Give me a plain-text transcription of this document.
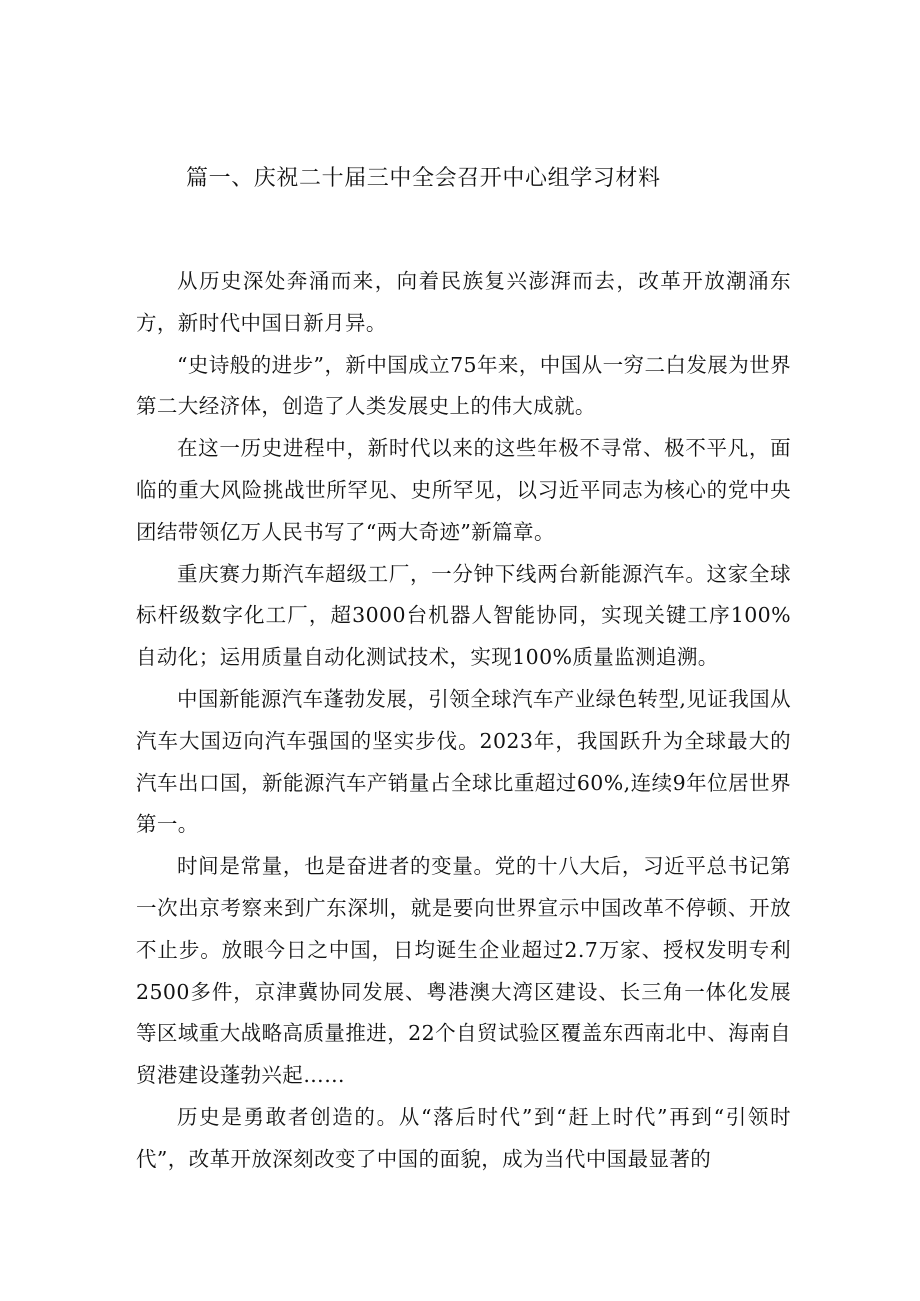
篇一、庆祝二十届三中全会召开中心组学习材料

从历史深处奔涌而来，向着民族复兴澎湃而去，改革开放潮涌东方，新时代中国日新月异。

“史诗般的进步”，新中国成立75年来，中国从一穷二白发展为世界第二大经济体，创造了人类发展史上的伟大成就。

在这一历史进程中，新时代以来的这些年极不寻常、极不平凡，面临的重大风险挑战世所罕见、史所罕见，以习近平同志为核心的党中央团结带领亿万人民书写了“两大奇迹”新篇章。

重庆赛力斯汽车超级工厂，一分钟下线两台新能源汽车。这家全球标杆级数字化工厂，超3000台机器人智能协同，实现关键工序100%自动化；运用质量自动化测试技术，实现100%质量监测追溯。

中国新能源汽车蓬勃发展，引领全球汽车产业绿色转型,见证我国从汽车大国迈向汽车强国的坚实步伐。2023年，我国跃升为全球最大的汽车出口国，新能源汽车产销量占全球比重超过60%,连续9年位居世界第一。

时间是常量，也是奋进者的变量。党的十八大后，习近平总书记第一次出京考察来到广东深圳，就是要向世界宣示中国改革不停顿、开放不止步。放眼今日之中国，日均诞生企业超过2.7万家、授权发明专利2500多件，京津冀协同发展、粤港澳大湾区建设、长三角一体化发展等区域重大战略高质量推进，22个自贸试验区覆盖东西南北中、海南自贸港建设蓬勃兴起……

历史是勇敢者创造的。从“落后时代”到“赶上时代”再到“引领时代”，改革开放深刻改变了中国的面貌，成为当代中国最显著的
